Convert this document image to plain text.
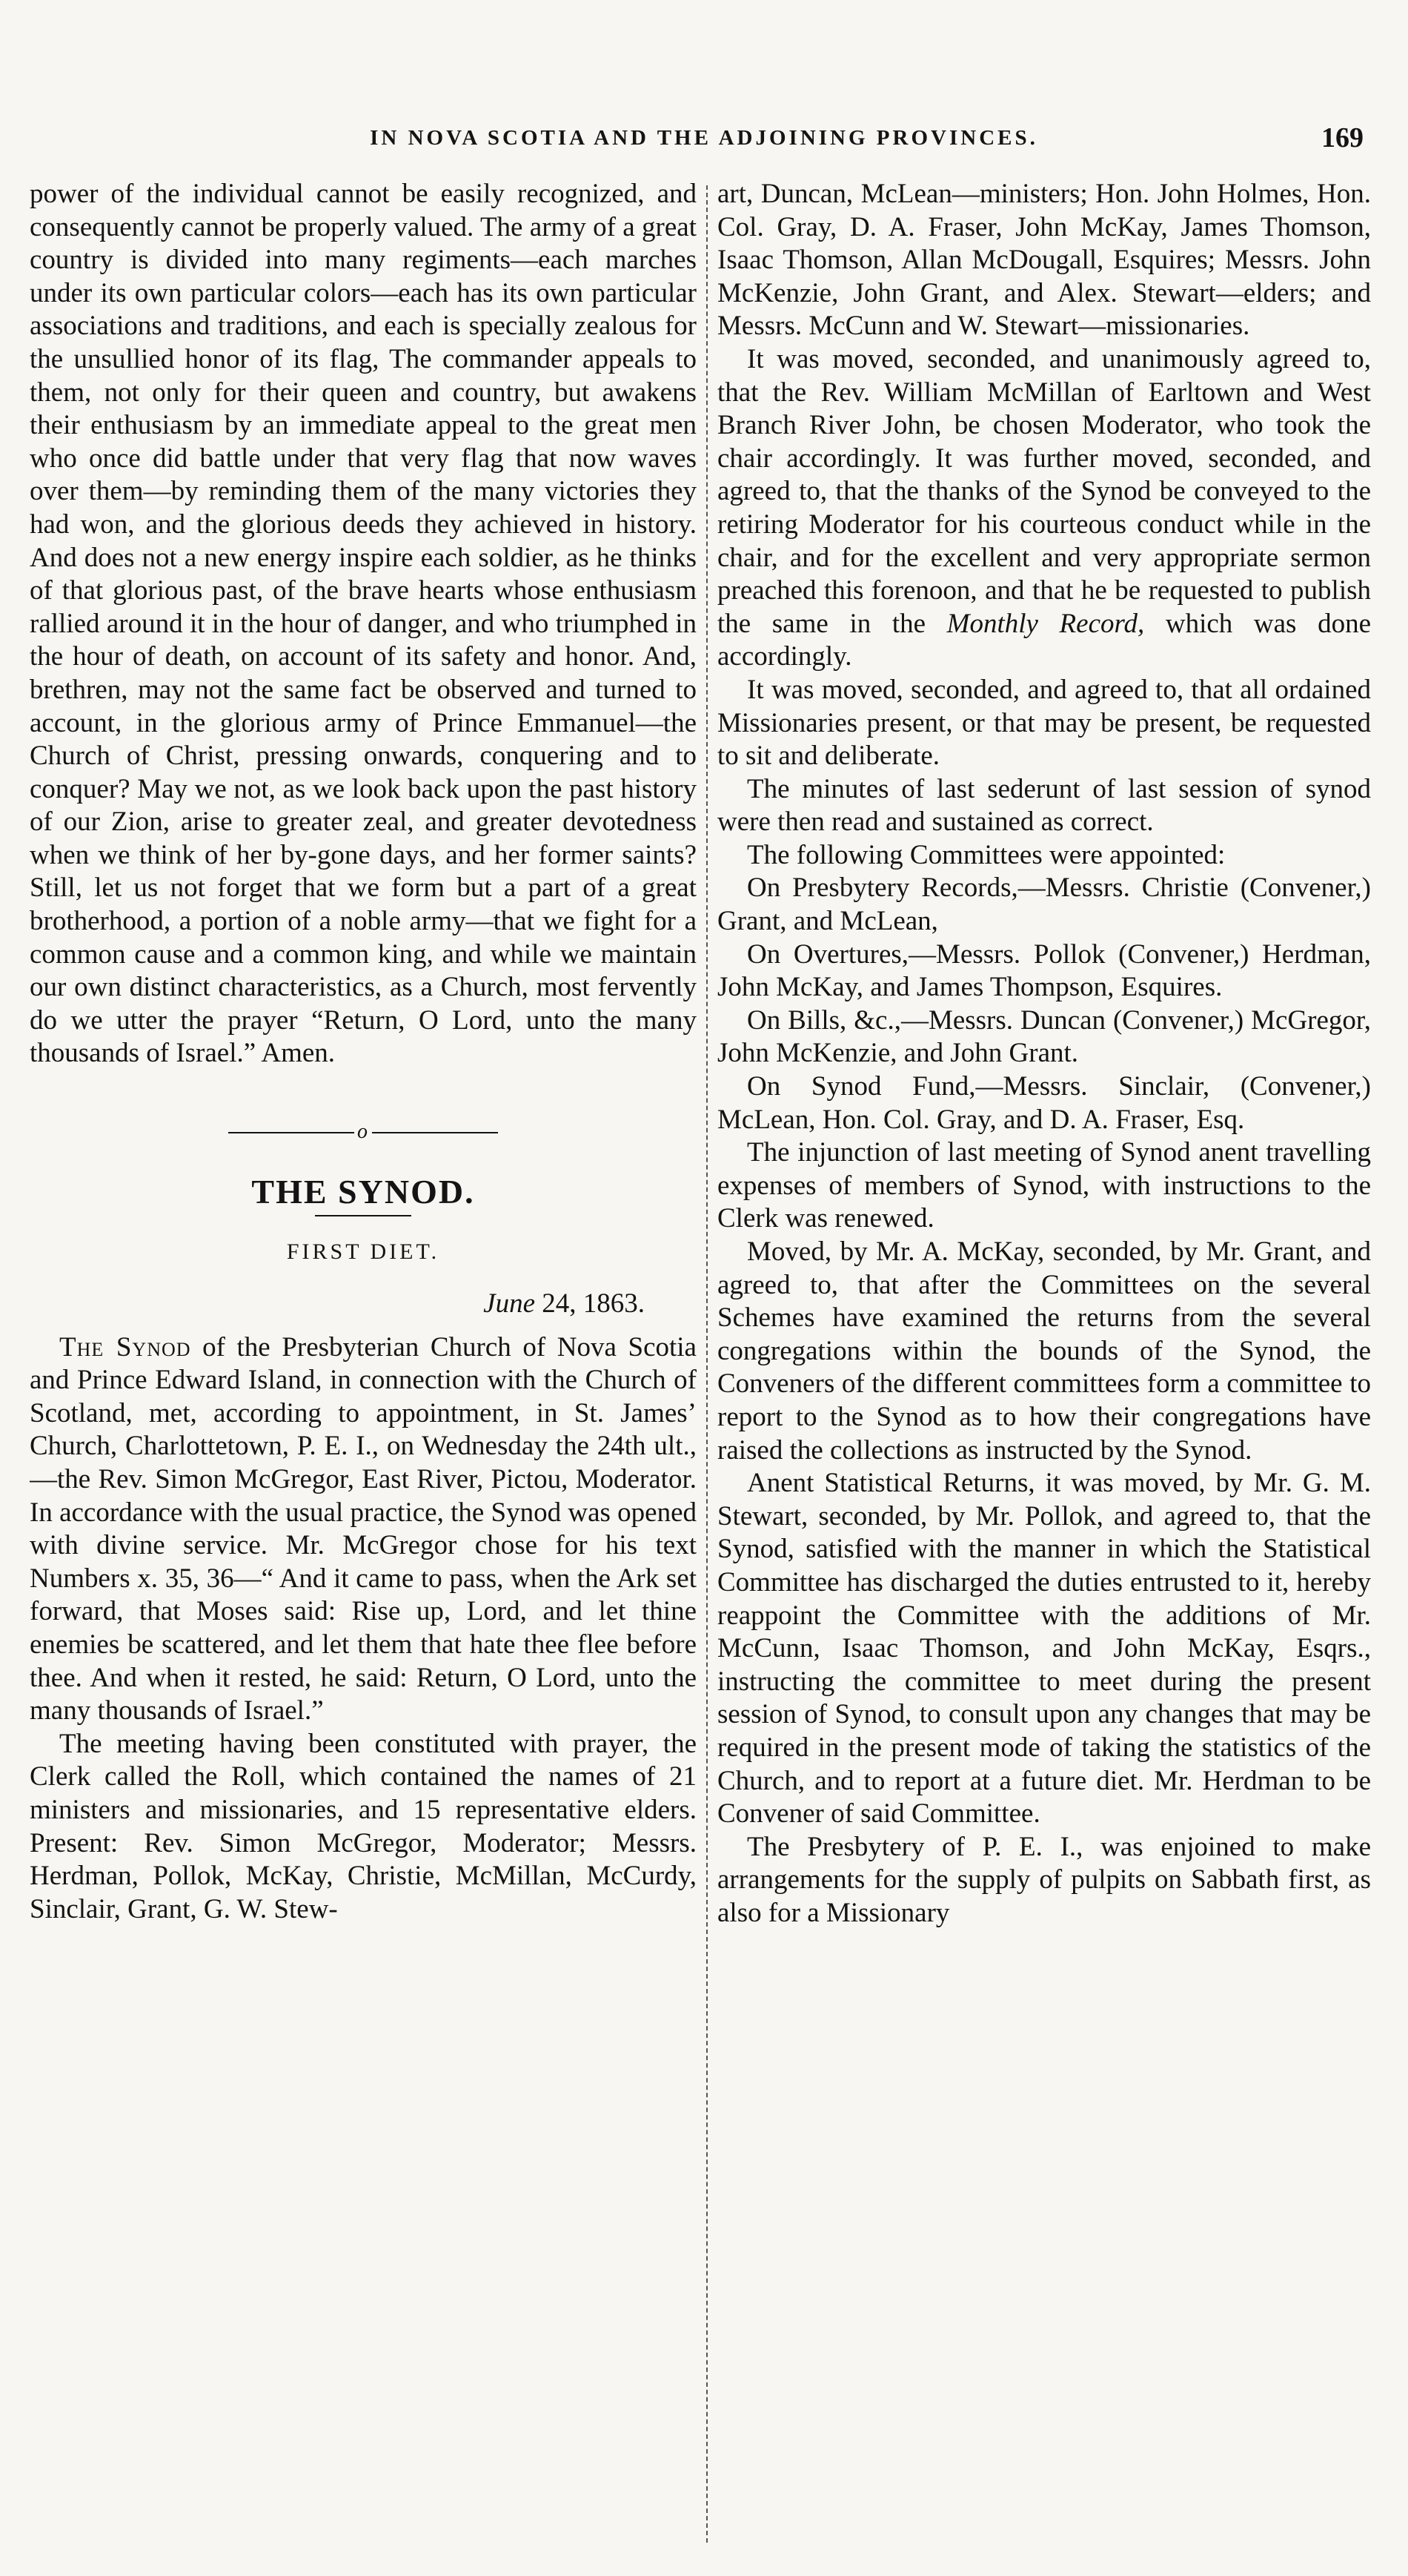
IN NOVA SCOTIA AND THE ADJOINING PROVINCES.	169

power of the individual cannot be easily recognized, and consequently cannot be properly valued. The army of a great country is divided into many regiments—each marches under its own particular colors—each has its own particular associations and traditions, and each is specially zealous for the unsullied honor of its flag, The commander appeals to them, not only for their queen and country, but awakens their enthusiasm by an immediate appeal to the great men who once did battle under that very flag that now waves over them—by reminding them of the many victories they had won, and the glorious deeds they achieved in history. And does not a new energy inspire each soldier, as he thinks of that glorious past, of the brave hearts whose enthusiasm rallied around it in the hour of danger, and who triumphed in the hour of death, on account of its safety and honor. And, brethren, may not the same fact be observed and turned to account, in the glorious army of Prince Emmanuel—the Church of Christ, pressing onwards, conquering and to conquer? May we not, as we look back upon the past history of our Zion, arise to greater zeal, and greater devotedness when we think of her by-gone days, and her former saints? Still, let us not forget that we form but a part of a great brotherhood, a portion of a noble army—that we fight for a common cause and a common king, and while we maintain our own distinct characteristics, as a Church, most fervently do we utter the prayer “Return, O Lord, unto the many thousands of Israel.” Amen.

o
THE SYNOD.
FIRST DIET.
June 24, 1863.

The Synod of the Presbyterian Church of Nova Scotia and Prince Edward Island, in connection with the Church of Scotland, met, according to appointment, in St. James’ Church, Charlottetown, P. E. I., on Wednesday the 24th ult.,—the Rev. Simon McGregor, East River, Pictou, Moderator. In accordance with the usual practice, the Synod was opened with divine service. Mr. McGregor chose for his text Numbers x. 35, 36—“ And it came to pass, when the Ark set forward, that Moses said: Rise up, Lord, and let thine enemies be scattered, and let them that hate thee flee before thee. And when it rested, he said: Return, O Lord, unto the many thousands of Israel.”

The meeting having been constituted with prayer, the Clerk called the Roll, which contained the names of 21 ministers and missionaries, and 15 representative elders. Present: Rev. Simon McGregor, Moderator; Messrs. Herdman, Pollok, McKay, Christie, McMillan, McCurdy, Sinclair, Grant, G. W. Stew-

art, Duncan, McLean—ministers; Hon. John Holmes, Hon. Col. Gray, D. A. Fraser, John McKay, James Thomson, Isaac Thomson, Allan McDougall, Esquires; Messrs. John McKenzie, John Grant, and Alex. Stewart—elders; and Messrs. McCunn and W. Stewart—missionaries.

It was moved, seconded, and unanimously agreed to, that the Rev. William McMillan of Earltown and West Branch River John, be chosen Moderator, who took the chair accordingly. It was further moved, seconded, and agreed to, that the thanks of the Synod be conveyed to the retiring Moderator for his courteous conduct while in the chair, and for the excellent and very appropriate sermon preached this forenoon, and that he be requested to publish the same in the Monthly Record, which was done accordingly.

It was moved, seconded, and agreed to, that all ordained Missionaries present, or that may be present, be requested to sit and deliberate.

The minutes of last sederunt of last session of synod were then read and sustained as correct.

The following Committees were appointed:

On Presbytery Records,—Messrs. Christie (Convener,) Grant, and McLean,

On Overtures,—Messrs. Pollok (Convener,) Herdman, John McKay, and James Thompson, Esquires.

On Bills, &c.,—Messrs. Duncan (Convener,) McGregor, John McKenzie, and John Grant.

On Synod Fund,—Messrs. Sinclair, (Convener,) McLean, Hon. Col. Gray, and D. A. Fraser, Esq.

The injunction of last meeting of Synod anent travelling expenses of members of Synod, with instructions to the Clerk was renewed.

Moved, by Mr. A. McKay, seconded, by Mr. Grant, and agreed to, that after the Committees on the several Schemes have examined the returns from the several congregations within the bounds of the Synod, the Conveners of the different committees form a committee to report to the Synod as to how their congregations have raised the collections as instructed by the Synod.

Anent Statistical Returns, it was moved, by Mr. G. M. Stewart, seconded, by Mr. Pollok, and agreed to, that the Synod, satisfied with the manner in which the Statistical Committee has discharged the duties entrusted to it, hereby reappoint the Committee with the additions of Mr. McCunn, Isaac Thomson, and John McKay, Esqrs., instructing the committee to meet during the present session of Synod, to consult upon any changes that may be required in the present mode of taking the statistics of the Church, and to report at a future diet. Mr. Herdman to be Convener of said Committee.

The Presbytery of P. E. I., was enjoined to make arrangements for the supply of pulpits on Sabbath first, as also for a Missionary
